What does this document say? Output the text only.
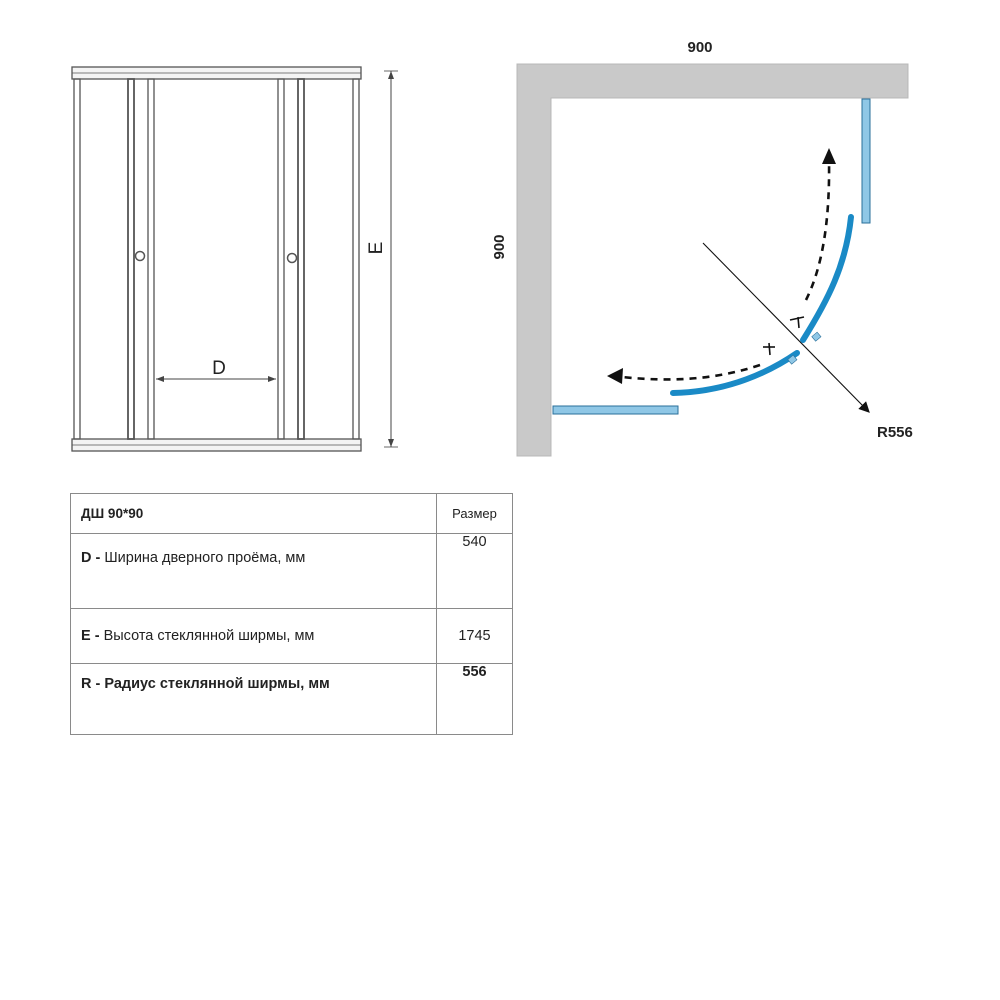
D
E
900
900
R556
ДШ 90*90	Размер
D - Ширина дверного проёма, мм	540
E - Высота стеклянной ширмы, мм	1745
R - Радиус стеклянной ширмы, мм	556
